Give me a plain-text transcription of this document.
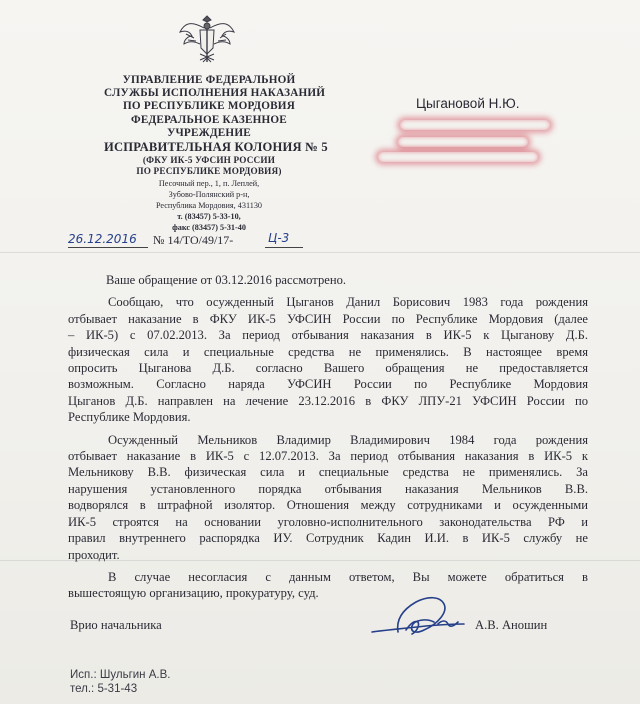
УПРАВЛЕНИЕ ФЕДЕРАЛЬНОЙ
СЛУЖБЫ ИСПОЛНЕНИЯ НАКАЗАНИЙ
ПО РЕСПУБЛИКЕ МОРДОВИЯ
ФЕДЕРАЛЬНОЕ КАЗЕННОЕ
УЧРЕЖДЕНИЕ
ИСПРАВИТЕЛЬНАЯ КОЛОНИЯ № 5
(ФКУ ИК-5 УФСИН РОССИИ
ПО РЕСПУБЛИКЕ МОРДОВИЯ)
Песочный пер., 1, п. Леплей,
Зубово-Полянский р-н,
Республика Мордовия, 431130
т. (83457) 5-33-10,
факс (83457) 5-31-40
26.12.2016 № 14/ТО/49/17-	Ц-3
Цыгановой Н.Ю.

Ваше обращение от 03.12.2016 рассмотрено.

Сообщаю, что осужденный Цыганов Данил Борисович 1983 года рождения
отбывает наказание в ФКУ ИК-5 УФСИН России по Республике Мордовия (далее
– ИК-5) с 07.02.2013. За период отбывания наказания в ИК-5 к Цыганову Д.Б.
физическая сила и специальные средства не применялись. В настоящее время
опросить Цыганова Д.Б. согласно Вашего обращения не предоставляется
возможным. Согласно наряда УФСИН России по Республике Мордовия
Цыганов Д.Б. направлен на лечение 23.12.2016 в ФКУ ЛПУ-21 УФСИН России по
Республике Мордовия.
Осужденный Мельников Владимир Владимирович 1984 года рождения
отбывает наказание в ИК-5 с 12.07.2013. За период отбывания наказания в ИК-5 к
Мельникову В.В. физическая сила и специальные средства не применялись. За
нарушения установленного порядка отбывания наказания Мельников В.В.
водворялся в штрафной изолятор. Отношения между сотрудниками и осужденными
ИК-5 строятся на основании уголовно-исполнительного законодательства РФ и
правил внутреннего распорядка ИУ. Сотрудник Кадин И.И. в ИК-5 службу не
проходит.
В случае несогласия с данным ответом, Вы можете обратиться в
вышестоящую организацию, прокуратуру, суд.
Врио начальника	А.В. Аношин
Исп.: Шульгин А.В.
тел.: 5-31-43
